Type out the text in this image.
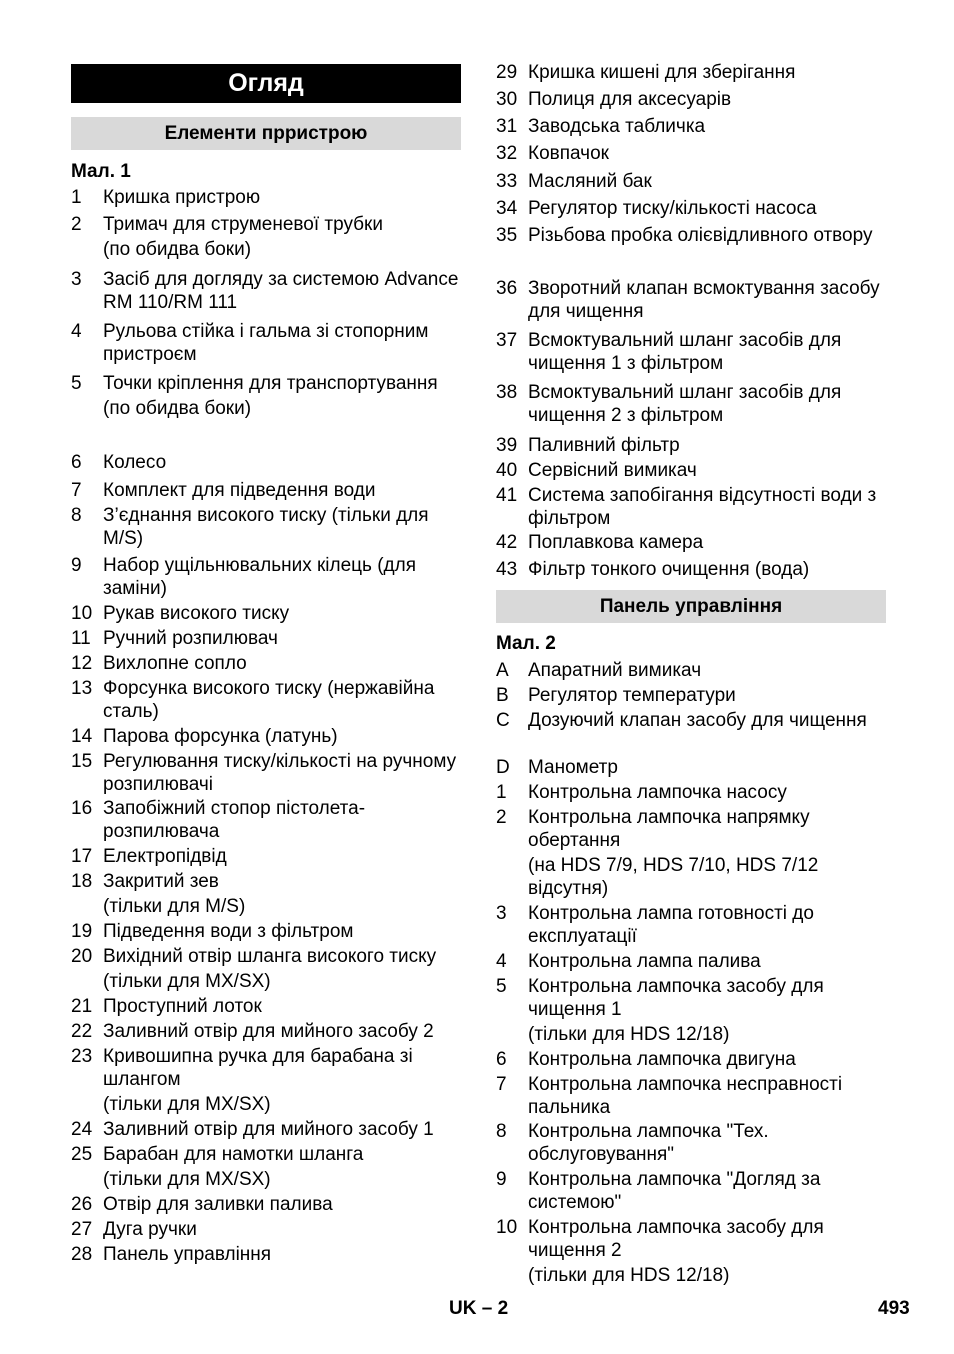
Огляд
Елементи прристрою
Мал. 1
1	Кришка пристрою
2	Тримач для струменевої трубки
(по обидва боки)
3	Засіб для догляду за системою Advance RM 110/RM 111
4	Рульова стійка і гальма зі стопорним пристроєм
5	Точки кріплення для транспортування
(по обидва боки)
6	Колесо
7	Комплект для підведення води
8	З’єднання високого тиску (тільки для M/S)
9	Набор ущільнювальних кілець (для заміни)
10 Рукав високого тиску
11 Ручний розпилювач
12 Вихлопне сопло
13 Форсунка високого тиску (нержавійна сталь)
14 Парова форсунка (латунь)
15 Регулювання тиску/кількості на ручному розпилювачі
16 Запобіжний стопор пістолета-розпилювача
17 Електропідвід
18 Закритий зев
(тільки для M/S)
19 Підведення води з фільтром
20 Вихідний отвір шланга високого тиску
(тільки для MX/SX)
21 Проступний лоток
22 Заливний отвір для мийного засобу 2
23 Кривошипна ручка для барабана зі шлангом
(тільки для MX/SX)
24 Заливний отвір для мийного засобу 1
25 Барабан для намотки шланга
(тільки для MX/SX)
26 Отвір для заливки палива
27 Дуга ручки
28 Панель управління
Панель управління
Мал. 2
29 Кришка кишені для зберігання
30 Полиця для аксесуарів
31 Заводська табличка
32 Ковпачок
33 Масляний бак
34 Регулятор тиску/кількості насоса
35 Різьбова пробка олієвідливного отвору
36 Зворотний клапан всмоктування засобу для чищення
37 Всмоктувальний шланг засобів для чищення 1 з фільтром
38 Всмоктувальний шланг засобів для чищення 2 з фільтром
39 Паливний фільтр
40 Сервісний вимикач
41 Система запобігання відсутності води з фільтром
42 Поплавкова камера
43 Фільтр тонкого очищення (вода)
A	Апаратний вимикач
B	Регулятор температури
C Дозуючий клапан засобу для чищення
D Манометр
1	Контрольна лампочка насосу
2	Контрольна лампочка напрямку обертання
(на HDS 7/9, HDS 7/10, HDS 7/12 відсутня)
3	Контрольна лампа готовності до експлуатації
4	Контрольна лампа палива
5	Контрольна лампочка засобу для чищення 1
(тільки для HDS 12/18)
6	Контрольна лампочка двигуна
7	Контрольна лампочка несправності пальника
8	Контрольна лампочка "Тех. обслуговування"
9	Контрольна лампочка "Догляд за системою"
10 Контрольна лампочка засобу для чищення 2
(тільки для HDS 12/18)
UK – 2	493
